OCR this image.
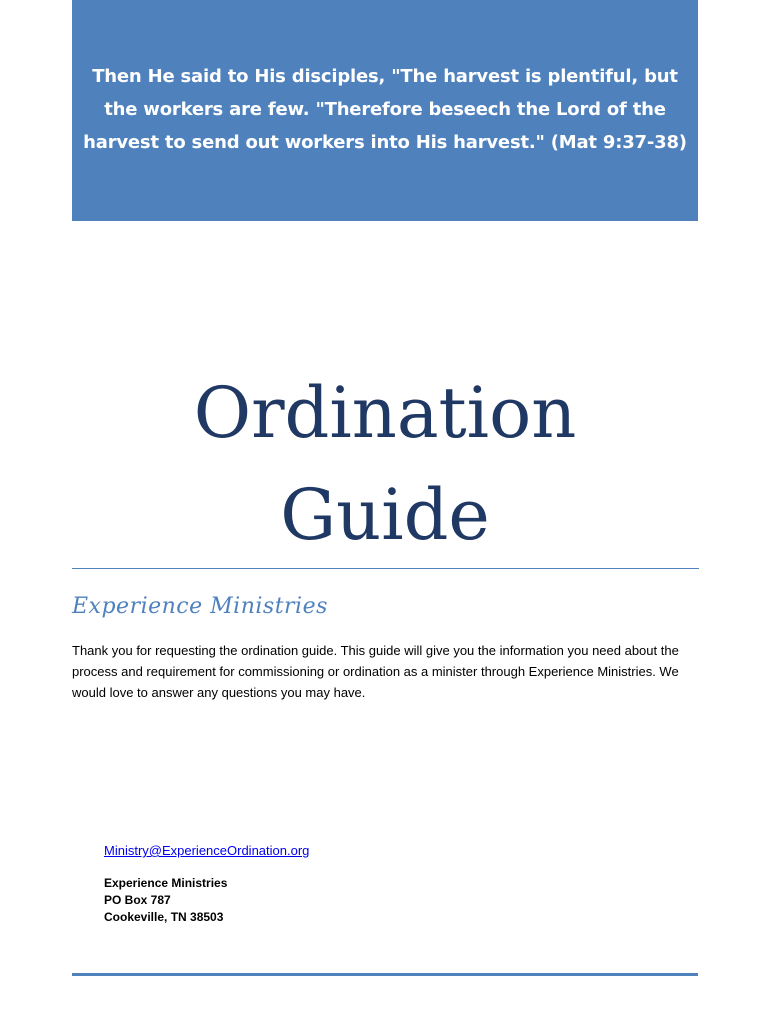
Then He said to His disciples, "The harvest is plentiful, but the workers are few. "Therefore beseech the Lord of the harvest to send out workers into His harvest." (Mat 9:37-38)

Ordination
Guide
Experience Ministries

Thank you for requesting the ordination guide. This guide will give you the information you need about the process and requirement for commissioning or ordination as a minister through Experience Ministries. We would love to answer any questions you may have.

Ministry@ExperienceOrdination.org
Experience Ministries
PO Box 787
Cookeville, TN 38503
